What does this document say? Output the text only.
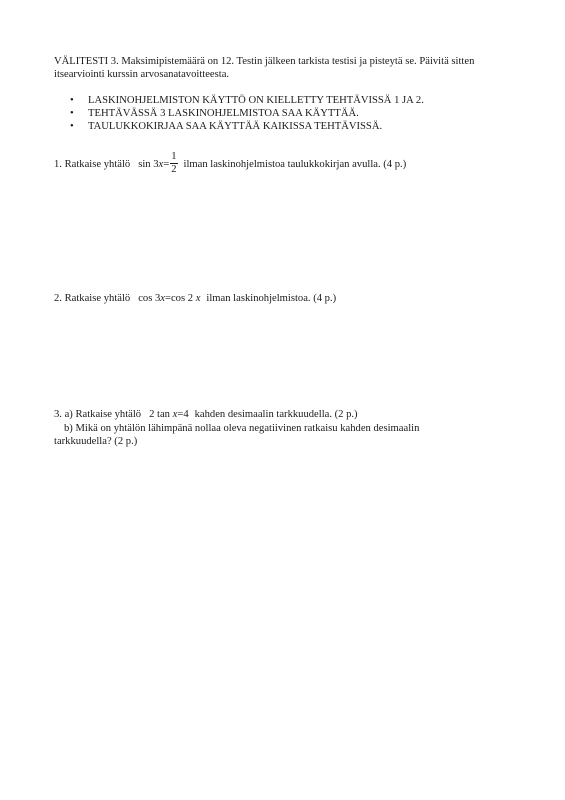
VÄLITESTI 3. Maksimipistemäärä on 12. Testin jälkeen tarkista testisi ja pisteytä se. Päivitä sitten
itsearviointi kurssin arvosanatavoitteesta.
• LASKINOHJELMISTON KÄYTTÖ ON KIELLETTY TEHTÄVISSÄ 1 JA 2.
• TEHTÄVÄSSÄ 3 LASKINOHJELMISTOA SAA KÄYTTÄÄ.
• TAULUKKOKIRJAA SAA KÄYTTÄÄ KAIKISSA TEHTÄVISSÄ.
1. Ratkaise yhtälö $\sin 3x= \frac{1}{2}$ ilman laskinohjelmistoa taulukkokirjan avulla. (4 p.)
2. Ratkaise yhtälö cos 3x=cos 2 x ilman laskinohjelmistoa. (4 p.)
3. a) Ratkaise yhtälö 2 tan x=4 kahden desimaalin tarkkuudella. (2 p.)
b) Mikä on yhtälön lähimpänä nollaa oleva negatiivinen ratkaisu kahden desimaalin
tarkkuudella? (2 p.)
